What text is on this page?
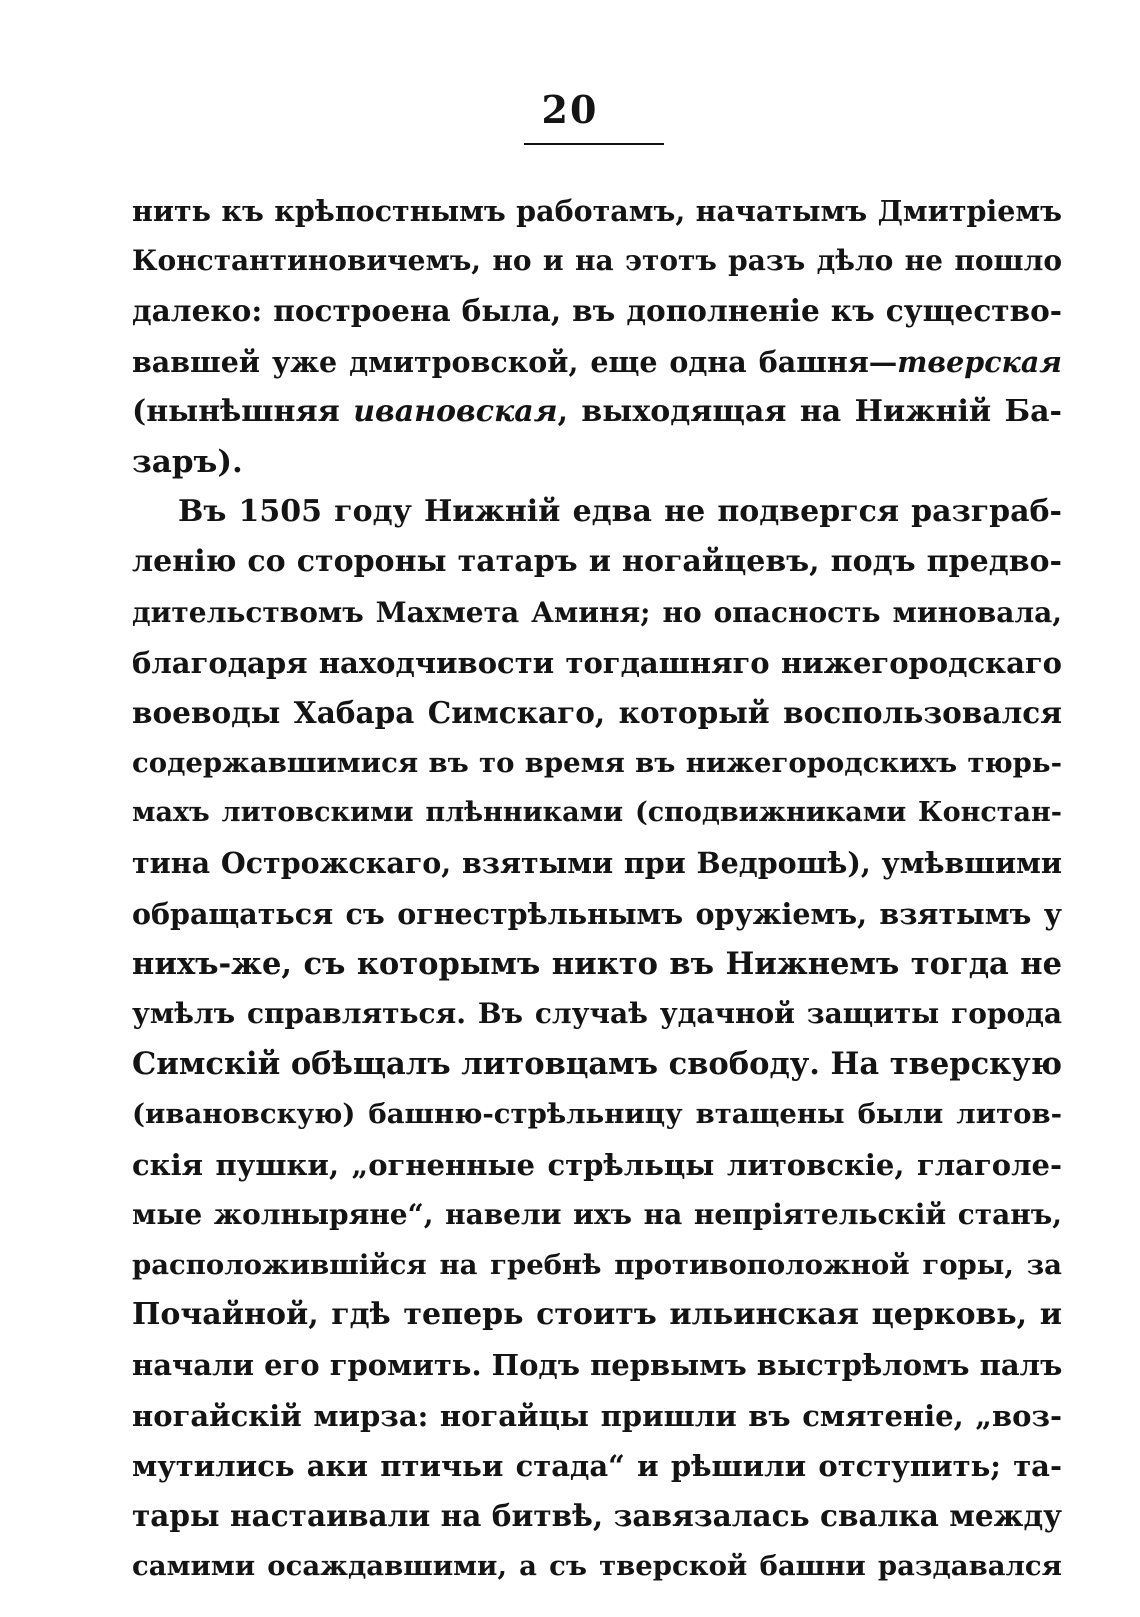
20
нить къ крѣпостнымъ работамъ, начатымъ Дмитріемъ
Константиновичемъ, но и на этотъ разъ дѣло не пошло
далеко: построена была, въ дополненіе къ существо-
вавшей уже дмитровской, еще одна башня—тверская
(нынѣшняя ивановская, выходящая на Нижній Ба-
заръ).
Въ 1505 году Нижній едва не подвергся разграб-
ленію со стороны татаръ и ногайцевъ, подъ предво-
дительствомъ Махмета Аминя; но опасность миновала,
благодаря находчивости тогдашняго нижегородскаго
воеводы Хабара Симскаго, который воспользовался
содержавшимися въ то время въ нижегородскихъ тюрь-
махъ литовскими плѣнниками (сподвижниками Констан-
тина Острожскаго, взятыми при Ведрошѣ), умѣвшими
обращаться съ огнестрѣльнымъ оружіемъ, взятымъ у
нихъ-же, съ которымъ никто въ Нижнемъ тогда не
умѣлъ справляться. Въ случаѣ удачной защиты города
Симскій обѣщалъ литовцамъ свободу. На тверскую
(ивановскую) башню-стрѣльницу втащены были литов-
скія пушки, „огненные стрѣльцы литовскіе, глаголе-
мые жолныряне“, навели ихъ на непріятельскій станъ,
расположившійся на гребнѣ противоположной горы, за
Почайной, гдѣ теперь стоитъ ильинская церковь, и
начали его громить. Подъ первымъ выстрѣломъ палъ
ногайскій мирза: ногайцы пришли въ смятеніе, „воз-
мутились аки птичьи стада“ и рѣшили отступить; та-
тары настаивали на битвѣ, завязалась свалка между
самими осаждавшими, а съ тверской башни раздавался
